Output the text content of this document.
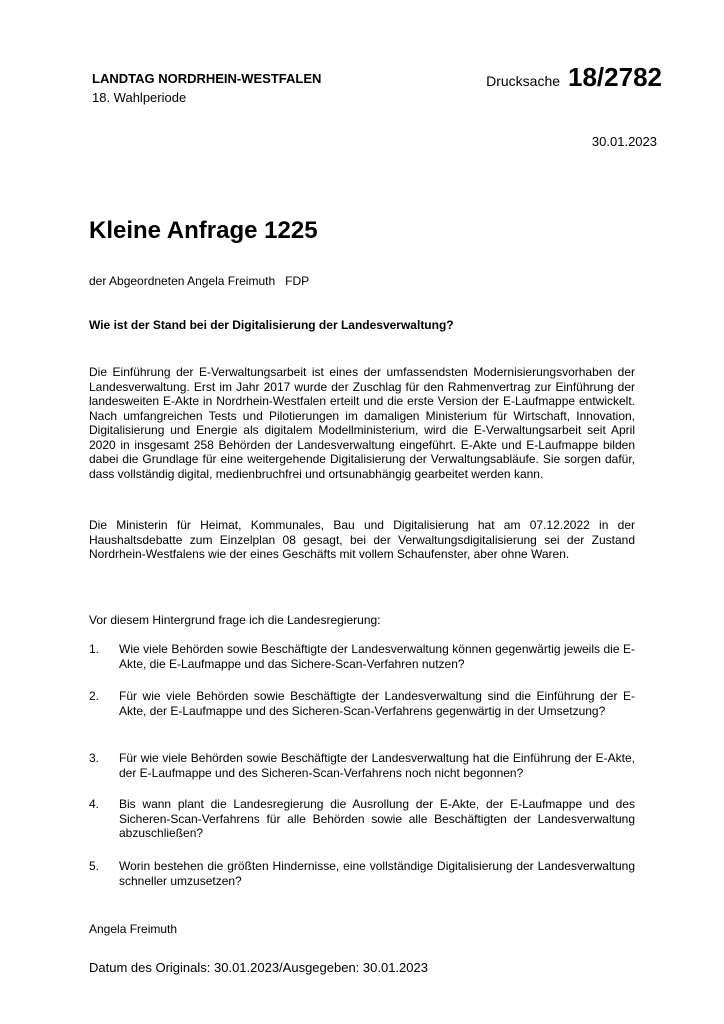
LANDTAG NORDRHEIN-WESTFALEN
18. Wahlperiode
Drucksache 18/2782
30.01.2023
Kleine Anfrage 1225
der Abgeordneten Angela Freimuth FDP
Wie ist der Stand bei der Digitalisierung der Landesverwaltung?
Die Einführung der E-Verwaltungsarbeit ist eines der umfassendsten Modernisierungsvorhaben der Landesverwaltung. Erst im Jahr 2017 wurde der Zuschlag für den Rahmenvertrag zur Einführung der landesweiten E-Akte in Nordrhein-Westfalen erteilt und die erste Version der E-Laufmappe entwickelt. Nach umfangreichen Tests und Pilotierungen im damaligen Ministerium für Wirtschaft, Innovation, Digitalisierung und Energie als digitalem Modellministerium, wird die E-Verwaltungsarbeit seit April 2020 in insgesamt 258 Behörden der Landesverwaltung eingeführt. E-Akte und E-Laufmappe bilden dabei die Grundlage für eine weitergehende Digitalisierung der Verwaltungsabläufe. Sie sorgen dafür, dass vollständig digital, medienbruchfrei und ortsunabhängig gearbeitet werden kann.
Die Ministerin für Heimat, Kommunales, Bau und Digitalisierung hat am 07.12.2022 in der Haushaltsdebatte zum Einzelplan 08 gesagt, bei der Verwaltungsdigitalisierung sei der Zustand Nordrhein-Westfalens wie der eines Geschäfts mit vollem Schaufenster, aber ohne Waren.
Vor diesem Hintergrund frage ich die Landesregierung:
1. Wie viele Behörden sowie Beschäftigte der Landesverwaltung können gegenwärtig jeweils die E-Akte, die E-Laufmappe und das Sichere-Scan-Verfahren nutzen?
2. Für wie viele Behörden sowie Beschäftigte der Landesverwaltung sind die Einführung der E-Akte, der E-Laufmappe und des Sicheren-Scan-Verfahrens gegenwärtig in der Umsetzung?
3. Für wie viele Behörden sowie Beschäftigte der Landesverwaltung hat die Einführung der E-Akte, der E-Laufmappe und des Sicheren-Scan-Verfahrens noch nicht begonnen?
4. Bis wann plant die Landesregierung die Ausrollung der E-Akte, der E-Laufmappe und des Sicheren-Scan-Verfahrens für alle Behörden sowie alle Beschäftigten der Landesverwaltung abzuschließen?
5. Worin bestehen die größten Hindernisse, eine vollständige Digitalisierung der Landesverwaltung schneller umzusetzen?
Angela Freimuth
Datum des Originals: 30.01.2023/Ausgegeben: 30.01.2023
